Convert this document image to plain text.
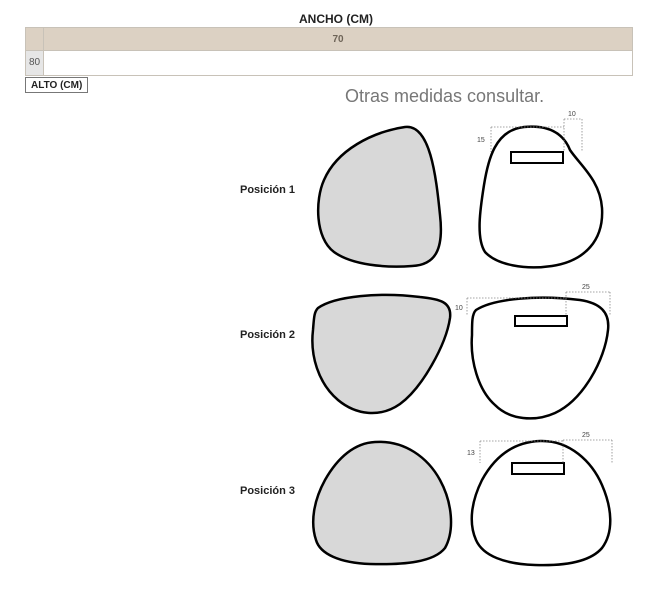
ANCHO (CM)
70
80
ALTO (CM)
Otras medidas consultar.
Posición 1
Posición 2
Posición 3
15
10
10
25
13
25
